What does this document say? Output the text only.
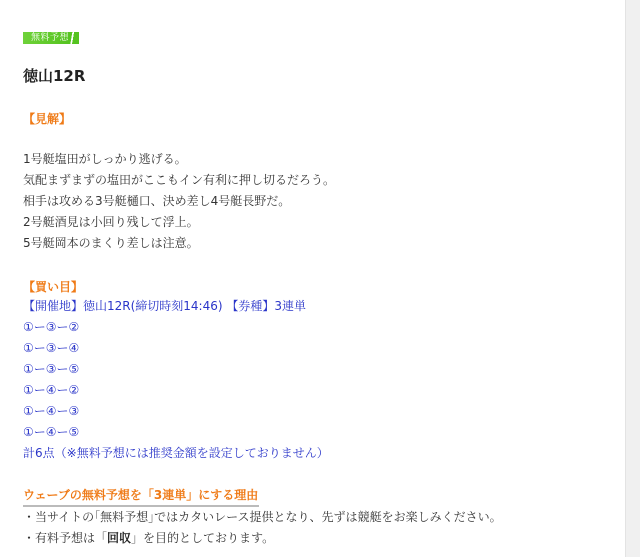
無料予想
徳山12R
【見解】
1号艇塩田がしっかり逃げる。
気配まずまずの塩田がここもイン有利に押し切るだろう。
相手は攻める3号艇樋口、決め差し4号艇長野だ。
2号艇酒見は小回り残して浮上。
5号艇岡本のまくり差しは注意。
【買い目】
【開催地】徳山12R(締切時刻14:46) 【券種】3連単
①ー③ー②
①ー③ー④
①ー③ー⑤
①ー④ー②
①ー④ー③
①ー④ー⑤
計6点（※無料予想には推奨金額を設定しておりません）
ウェーブの無料予想を「3連単」にする理由
・当サイトの｢無料予想｣ではカタいレース提供となり、先ずは競艇をお楽しみください。
・有料予想は「回収」を目的としております。
